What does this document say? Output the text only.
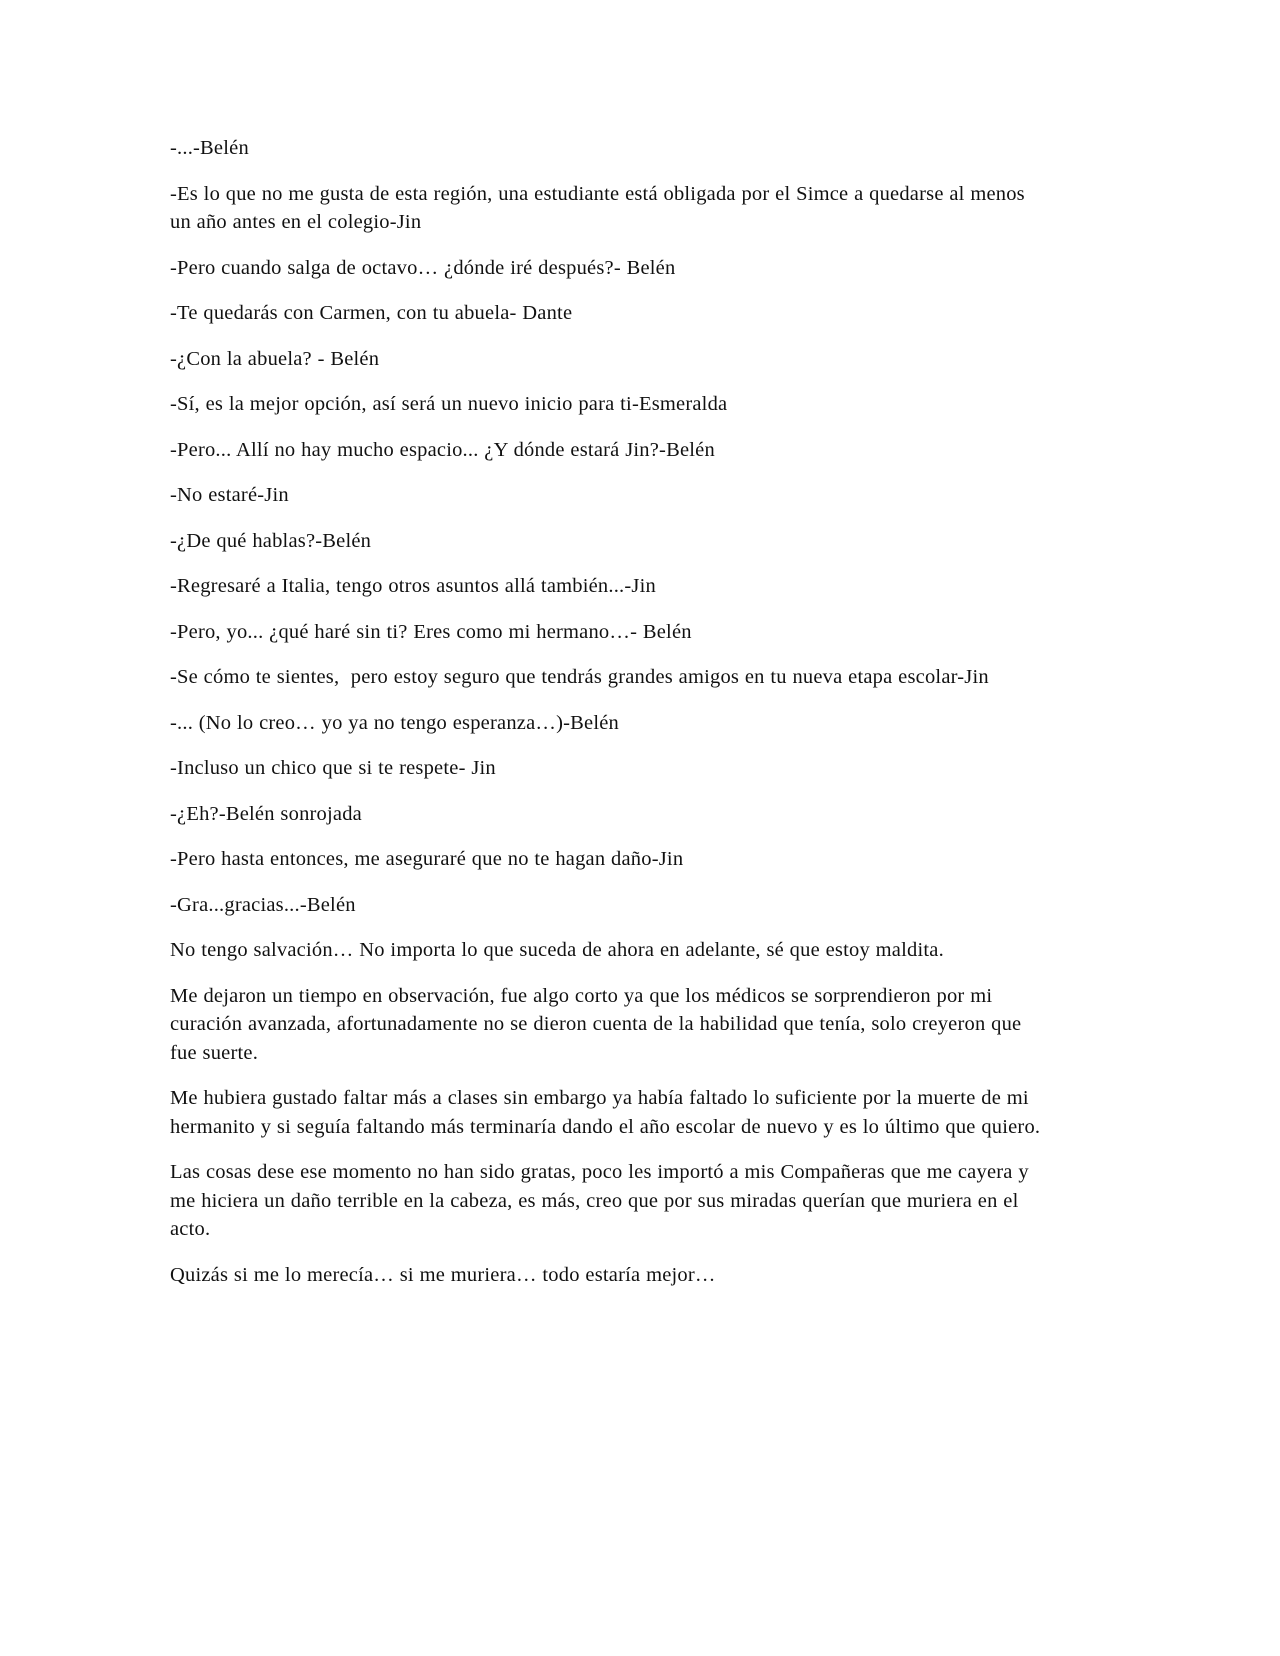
-...-Belén

-Es lo que no me gusta de esta región, una estudiante está obligada por el Simce a quedarse al menos un año antes en el colegio-Jin

-Pero cuando salga de octavo… ¿dónde iré después?- Belén

-Te quedarás con Carmen, con tu abuela- Dante

-¿Con la abuela? - Belén

-Sí, es la mejor opción, así será un nuevo inicio para ti-Esmeralda

-Pero... Allí no hay mucho espacio... ¿Y dónde estará Jin?-Belén

-No estaré-Jin

-¿De qué hablas?-Belén

-Regresaré a Italia, tengo otros asuntos allá también...-Jin

-Pero, yo... ¿qué haré sin ti? Eres como mi hermano…- Belén

-Se cómo te sientes,  pero estoy seguro que tendrás grandes amigos en tu nueva etapa escolar-Jin

-... (No lo creo… yo ya no tengo esperanza…)-Belén

-Incluso un chico que si te respete- Jin

-¿Eh?-Belén sonrojada

-Pero hasta entonces, me aseguraré que no te hagan daño-Jin

-Gra...gracias...-Belén

No tengo salvación… No importa lo que suceda de ahora en adelante, sé que estoy maldita.

Me dejaron un tiempo en observación, fue algo corto ya que los médicos se sorprendieron por mi curación avanzada, afortunadamente no se dieron cuenta de la habilidad que tenía, solo creyeron que fue suerte.

Me hubiera gustado faltar más a clases sin embargo ya había faltado lo suficiente por la muerte de mi hermanito y si seguía faltando más terminaría dando el año escolar de nuevo y es lo último que quiero.

Las cosas dese ese momento no han sido gratas, poco les importó a mis Compañeras que me cayera y me hiciera un daño terrible en la cabeza, es más, creo que por sus miradas querían que muriera en el acto.

Quizás si me lo merecía… si me muriera… todo estaría mejor…
